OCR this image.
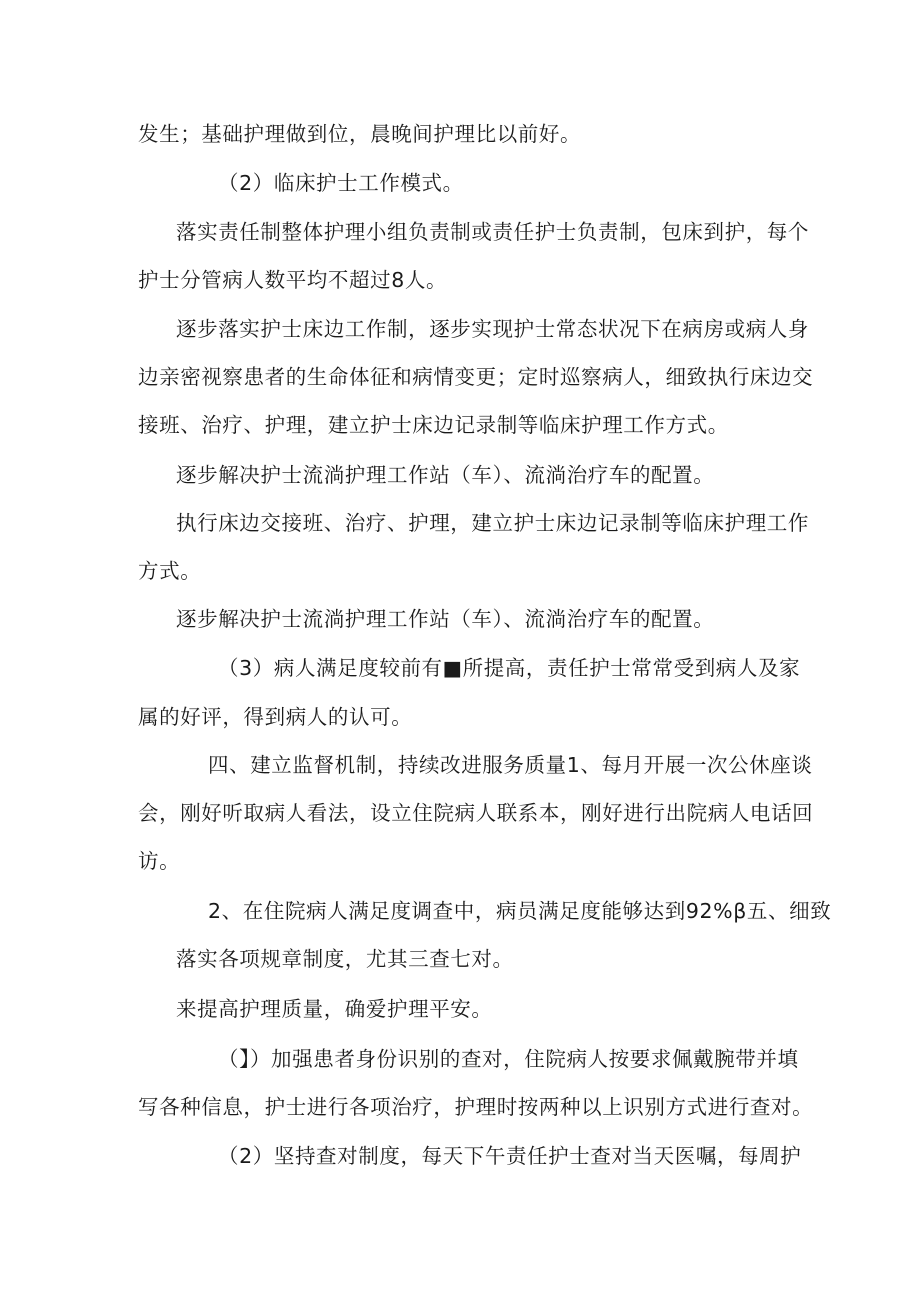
发生；基础护理做到位，晨晚间护理比以前好。
（2）临床护士工作模式。
落实责任制整体护理小组负责制或责任护士负责制，包床到护，每个
护士分管病人数平均不超过8人。
逐步落实护士床边工作制，逐步实现护士常态状况下在病房或病人身
边亲密视察患者的生命体征和病情变更；定时巡察病人，细致执行床边交
接班、治疗、护理，建立护士床边记录制等临床护理工作方式。
逐步解决护士流淌护理工作站（车）、流淌治疗车的配置。
执行床边交接班、治疗、护理，建立护士床边记录制等临床护理工作
方式。
逐步解决护士流淌护理工作站（车）、流淌治疗车的配置。
（3）病人满足度较前有■所提高，责任护士常常受到病人及家
属的好评，得到病人的认可。
四、建立监督机制，持续改进服务质量1、每月开展一次公休座谈
会，刚好听取病人看法，设立住院病人联系本，刚好进行出院病人电话回
访。
2、在住院病人满足度调查中，病员满足度能够达到92%β五、细致
落实各项规章制度，尤其三查七对。
来提高护理质量，确爱护理平安。
（】）加强患者身份识别的查对，住院病人按要求佩戴腕带并填
写各种信息，护士进行各项治疗，护理时按两种以上识别方式进行查对。
（2）坚持查对制度，每天下午责任护士查对当天医嘱，每周护
